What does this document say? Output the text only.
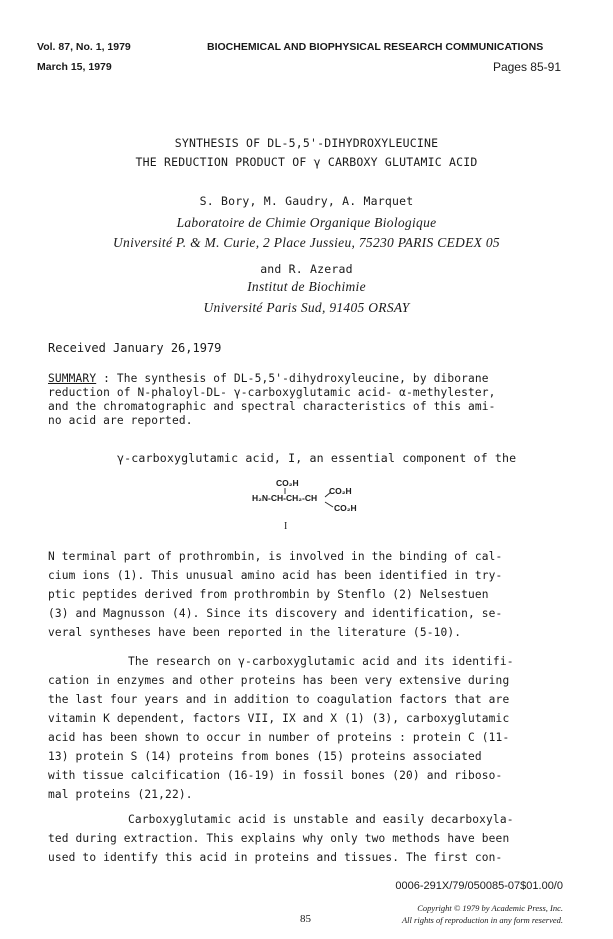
Vol. 87, No. 1, 1979	BIOCHEMICAL AND BIOPHYSICAL RESEARCH COMMUNICATIONS
March 15, 1979	Pages 85-91
SYNTHESIS OF DL-5,5'-DIHYDROXYLEUCINE
THE REDUCTION PRODUCT OF γ CARBOXY GLUTAMIC ACID
S. Bory, M. Gaudry, A. Marquet
Laboratoire de Chimie Organique Biologique
Université P. & M. Curie, 2 Place Jussieu, 75230 PARIS CEDEX 05
and R. Azerad
Institut de Biochimie
Université Paris Sud, 91405 ORSAY
Received January 26,1979
SUMMARY : The synthesis of DL-5,5'-dihydroxyleucine, by diborane
reduction of N-phaloyl-DL- γ-carboxyglutamic acid- α-methylester,
and the chromatographic and spectral characteristics of this ami-
no acid are reported.
γ-carboxyglutamic acid, I, an essential component of the
CO₂H
CO₂H
H₂N-CH-CH₂-CH
CO₂H
I
N terminal part of prothrombin, is involved in the binding of cal-
cium ions (1). This unusual amino acid has been identified in try-
ptic peptides derived from prothrombin by Stenflo (2) Nelsestuen
(3) and Magnusson (4). Since its discovery and identification, se-
veral syntheses have been reported in the literature (5-10).
The research on γ-carboxyglutamic acid and its identifi-
cation in enzymes and other proteins has been very extensive during
the last four years and in addition to coagulation factors that are
vitamin K dependent, factors VII, IX and X (1) (3), carboxyglutamic
acid has been shown to occur in number of proteins : protein C (11-
13) protein S (14) proteins from bones (15) proteins associated
with tissue calcification (16-19) in fossil bones (20) and riboso-
mal proteins (21,22).
Carboxyglutamic acid is unstable and easily decarboxyla-
ted during extraction. This explains why only two methods have been
used to identify this acid in proteins and tissues. The first con-
0006-291X/79/050085-07$01.00/0
Copyright © 1979 by Academic Press, Inc.
All rights of reproduction in any form reserved.
85
